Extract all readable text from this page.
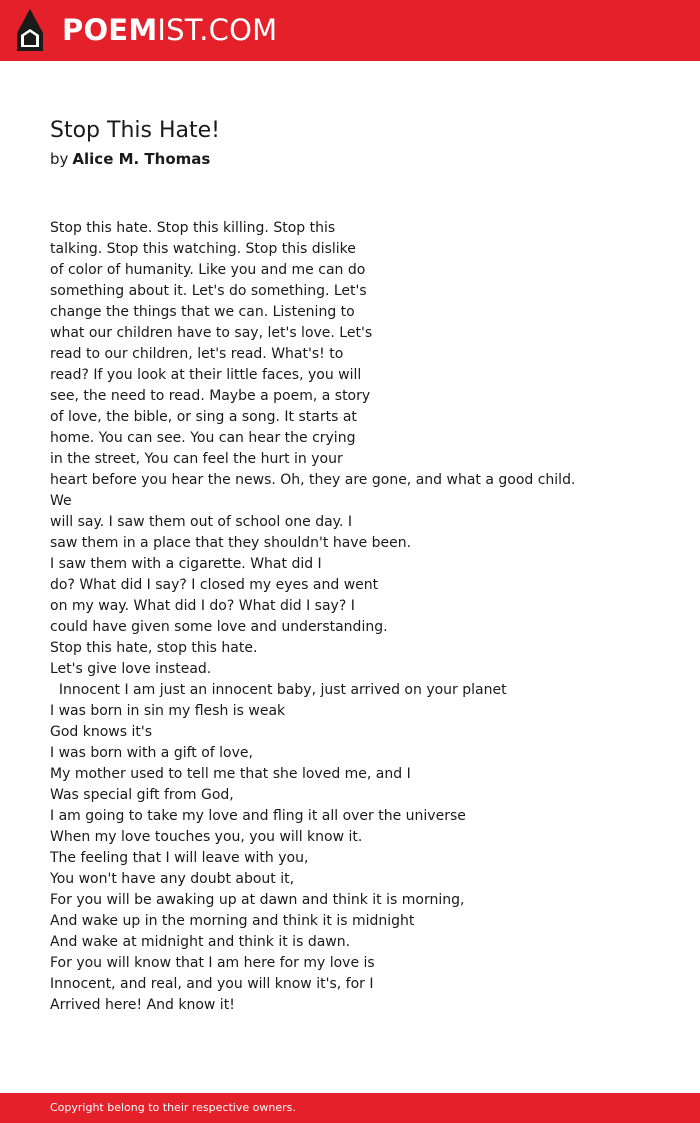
POEMIST.COM
Stop This Hate!
by Alice M. Thomas
Stop this hate. Stop this killing. Stop this
talking. Stop this watching. Stop this dislike
of color of humanity. Like you and me can do
something about it. Let's do something. Let's
change the things that we can. Listening to
what our children have to say, let's love. Let's
read to our children, let's read. What's! to
read? If you look at their little faces, you will
see, the need to read. Maybe a poem, a story
of love, the bible, or sing a song. It starts at
home. You can see. You can hear the crying
in the street, You can feel the hurt in your
heart before you hear the news. Oh, they are gone, and what a good child.
We
will say. I saw them out of school one day. I
saw them in a place that they shouldn't have been.
I saw them with a cigarette. What did I
do? What did I say? I closed my eyes and went
on my way. What did I do? What did I say? I
could have given some love and understanding.
Stop this hate, stop this hate.
Let's give love instead.
Innocent I am just an innocent baby, just arrived on your planet
I was born in sin my flesh is weak
God knows it's
I was born with a gift of love,
My mother used to tell me that she loved me, and I
Was special gift from God,
I am going to take my love and fling it all over the universe
When my love touches you, you will know it.
The feeling that I will leave with you,
You won't have any doubt about it,
For you will be awaking up at dawn and think it is morning,
And wake up in the morning and think it is midnight
And wake at midnight and think it is dawn.
For you will know that I am here for my love is
Innocent, and real, and you will know it's, for I
Arrived here! And know it!
Copyright belong to their respective owners.
